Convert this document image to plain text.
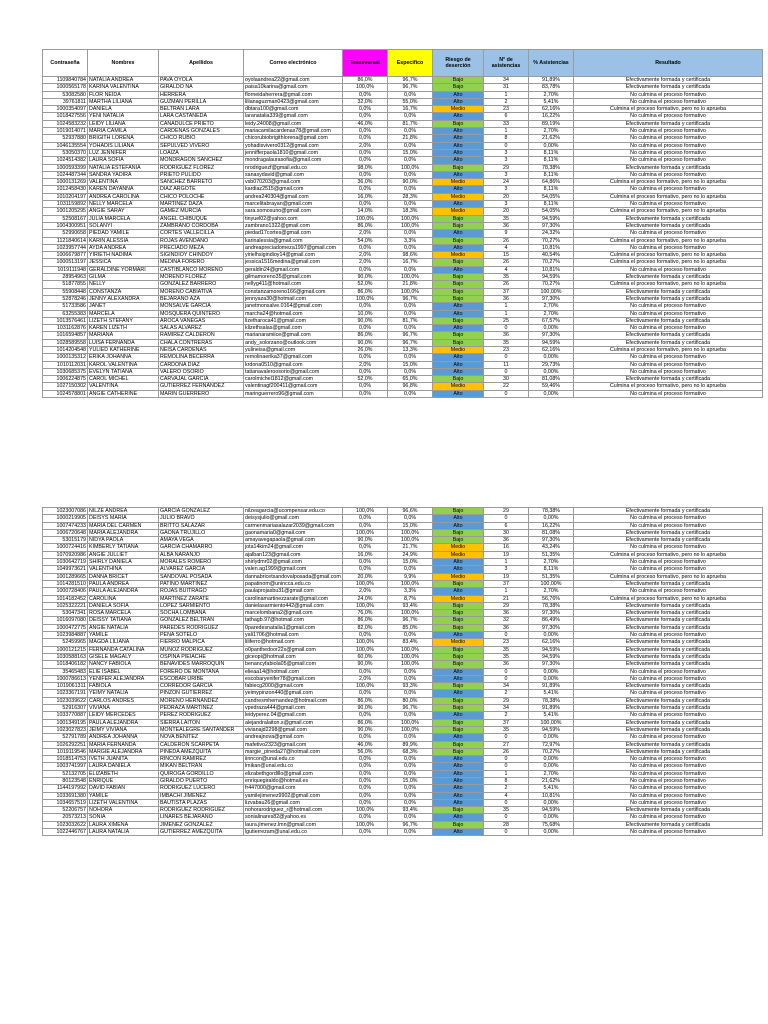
Contraseña	Nombres	Apellidos	Correo electrónico	Transversal	Especifico	Riesgo de deserción	N° de asistencias	% Asistencias	Resultado
1109840784	NATALIA ANDREA	PAVA OYOLA	oyolaandrea22@gmail.com	86,0%	96,7%	Bajo	34	91,89%	Efectivamente formada y certificada
1000565178	KARINA VALENTINA	GIRALDO NA	paisa10karina@gmail.com	100,0%	96,7%	Bajo	31	83,78%	Efectivamente formada y certificada
53082580	FLOR NEIDA	HERRERA	florneidaherrera@gmail.com	0,0%	0,0%	Alto	1	2,70%	No culmina el proceso formativo
39761811	MARTHA LILIANA	GUZMAN PERILLA	lilianaguzman0423@gmail.com	32,0%	55,0%	Alto	2	5,41%	No culmina el proceso formativo
1000354097	DANIELA	BELTRAN LARA	dbtara100@gmail.com	0,0%	16,7%	Medio	23	62,16%	Culmina el proceso formativo, pero no lo aprueba
1018427556	YENI NATALIA	LARA CASTAÑEDA	laranatalia339@gmail.com	0,0%	0,0%	Alto	6	16,22%	No culmina el proceso formativo
1024583232	LEIDY LILIANA	CAÑADULCE PRIETO	leidy.24008@gmail.com	46,0%	81,7%	Bajo	33	89,19%	Efectivamente formada y certificada
1019014071	MARIA CAMILA	CARDENAS GONZALES	mariacamilacardenas78@gmail.com	0,0%	0,0%	Alto	1	2,70%	No culmina el proceso formativo
52937880	BRIGITH LORENA	CHICO RUBIO	chicorubiobrigithlorena@gmail.com	0,0%	21,8%	Alto	8	21,62%	No culmina el proceso formativo
1046135554	YOHADIS LILIANA	SEPULVED VIVERO	yohadisvivero0312@gmail.com	2,0%	0,0%	Alto	0	0,00%	No culmina el proceso formativo
53050370	LUZ JENNIFER	LOAIZA	jennifferpaola1810@gmail.com	0,0%	15,0%	Alto	3	8,11%	No culmina el proceso formativo
1024514382	LAURA SOFIA	MONDRAGON SANCHEZ	mondragalaurasofia@gmail.com	0,0%	0,0%	Alto	3	8,11%	No culmina el proceso formativo
1000593399	NATALIA ESTEFANIA	RODRIGUEZ FLOREZ	nrodriguezf@gmail.edu.co	98,0%	100,0%	Bajo	29	78,38%	Efectivamente formada y certificada
1024487344	SANDRA YADIRA	PRIETO PULIDO	sanasydavid@gmail.com	0,0%	0,0%	Alto	3	8,11%	No culmina el proceso formativo
1000131269	VALENTINA	SANCHEZ BARRETO	vsb070203@gmail.com	36,0%	90,0%	Medio	24	64,86%	Culmina el proceso formativo, pero no lo aprueba
1012458430	KAREN DAYANNA	DIAZ ARGOTE	kardiaz2515@gmail.com	0,0%	0,0%	Alto	3	8,11%	No culmina el proceso formativo
1010204197	ANDREA CAROLINA	CHICO POLOCHE	andrea240304@gmail.com	16,0%	28,3%	Medio	20	54,05%	Culmina el proceso formativo, pero no lo aprueba
1031159892	NELLY MARCELA	MARTINEZ DAZA	marcelitabrayan@gmail.com	0,0%	0,0%	Alto	3	8,11%	No culmina el proceso formativo
1001205295	ANGIE SARAY	GAMEZ MURCIA	sara.somosuno@gmail.com	14,0%	18,3%	Medio	20	54,05%	Culmina el proceso formativo, pero no lo aprueba
52508167	JULIA MARCELA	ANGEL CHIBUQUE	tinyuel02@yahoo.com	100,0%	100,0%	Bajo	35	94,59%	Efectivamente formada y certificada
1004300951	SOLANYI	ZAMBRANO CORDOBA	zambrano1322@gmail.com	86,0%	100,0%	Bajo	36	97,30%	Efectivamente formada y certificada
52990658	PIEDAD YAMILE	CORTES VALLECILLA	piedad17cortes@gmail.com	2,0%	0,0%	Alto	9	24,32%	No culmina el proceso formativo
1121840614	KARIN ALESSIA	ROJAS AVENDAÑO	karinalessia@gmail.com	54,0%	3,3%	Bajo	26	70,27%	Culmina el proceso formativo, pero no lo aprueba
1023957744	AYDA ANDREA	PRECIADO MEZA	andreapreciadomeza1997@gmail.com	0,0%	0,0%	Alto	4	10,81%	No culmina el proceso formativo
1006679877	YIRIETH NADIMA	SIGINDIOY CHINDOY	yirielhsigindioy14@gmail.com	2,0%	98,6%	Medio	15	40,54%	Culmina el proceso formativo, pero no lo aprueba
1000513197	JESSICA	MEDINA FORERO	jessica1516medina@gmail.com	2,0%	16,7%	Bajo	26	70,27%	Culmina el proceso formativo, pero no lo aprueba
1019111948	GERALDINE YORMARI	CASTIBLANCO MORENO	geraldin24@gmail.com	0,0%	0,0%	Alto	4	10,81%	No culmina el proceso formativo
28954963	GILMA	MORENO FLOREZ	gilmamoreno35@gmail.com	90,0%	100,0%	Bajo	35	94,59%	Efectivamente formada y certificada
51877855	NELLY	GONZALEZ BARRERO	nellyg411@hotmail.com	52,0%	21,8%	Bajo	26	70,27%	Culmina el proceso formativo, pero no lo aprueba
55908448	CONSTANZA	MORENO CABIATIVA	constanzamoreno166@gmail.com	86,0%	100,0%	Bajo	37	100,00%	Efectivamente formada y certificada
52878246	JENNY ALEXANDRA	BEJARANO AZA	jennyaza30@hotmail.com	100,0%	96,7%	Bajo	36	97,30%	Efectivamente formada y certificada
51733586	JANET	MONSALVE GARCIA	janetmonsalve.0164@gmail.com	0,0%	0,0%	Alto	1	2,70%	No culmina el proceso formativo
63255383	MARCELA	MOSQUERA QUINTERO	marcha24@hotmail.com	10,0%	0,0%	Alto	1	2,70%	No culmina el proceso formativo
1013576461	LIZETH STEFANY	AROCA VANEGAS	lizetharoca41@gmail.com	90,0%	81,7%	Bajo	25	67,57%	Efectivamente formada y certificada
1031162876	KAREN LIZETH	SALAS ALVAREZ	klizethsalas@gmail.com	0,0%	0,0%	Alto	0	0,00%	No culmina el proceso formativo
1016594857	MARIANA	RAMIREZ CALDERON	marianaramiice@gmail.com	86,0%	96,7%	Bajo	36	97,30%	Efectivamente formada y certificada
1028589558	LUISA FERNANDA	CHALA CONTRERAS	andy_solorzano@outlook.com	90,0%	96,7%	Bajo	35	94,59%	Efectivamente formada y certificada
1014204548	YULIED KATHERINE	NEISA CARDENAS	yulineisa@gmail.com	26,0%	13,3%	Medio	23	62,16%	Culmina el proceso formativo, pero no lo aprueba
1000135312	ERIKA JOHANNA	REMOLINA BECERRA	remolinaerika37@gmail.com	0,0%	0,0%	Alto	0	0,00%	No culmina el proceso formativo
1010112031	KAROL VALENTINA	CARDONA DIAZ	krdona0510@gmail.com	2,0%	15,0%	Alto	11	29,73%	No culmina el proceso formativo
1030685375	EVELYN TATIANA	VALERO OSORIO	tatianavaleroosorio@gmail.com	0,0%	0,0%	Alto	0	0,00%	No culmina el proceso formativo
1006224875	CAROL MICHEL	CARVAJAL GARCIA	carolmichel1812@gmail.com	52,0%	65,0%	Bajo	30	81,08%	Efectivamente formada y certificada
1027150302	VALENTINA	GUTIERREZ FERNANDEZ	valentinagf200411@gmail.com	0,0%	96,8%	Medio	22	59,46%	Culmina el proceso formativo, pero no lo aprueba
1024578801	ANGIE CATHERINE	MARIN GUERRERO	maringuerrero96@gmail.com	0,0%	0,0%	Alto	0	0,00%	No culmina el proceso formativo
1023007086	NILZE ANDREA	GARCIA GONZALEZ	nilzeagarcia@ucompensar.edu.co	100,0%	96,6%	Bajo	29	78,38%	Efectivamente formada y certificada
1000219905	DEISYS MARIA	JULIO BRAVO	deisysjulio@gmail.com	0,0%	0,0%	Alto	0	0,00%	No culmina el proceso formativo
1007474233	MARIA DEL CARMEN	BRITTO SALAZAR	carmenmariasalazar2039@gmail.com	0,0%	15,0%	Alto	6	16,22%	No culmina el proceso formativo
1006720648	MARIA ALEJANDRA	GAONA TRUJILLO	gaonamaria0@gmail.com	100,0%	100,0%	Bajo	30	81,08%	Efectivamente formada y certificada
53015179	NIDYA PAOLA	AMAYA VEGA	amayavegapaola@gmail.com	90,0%	100,0%	Bajo	36	97,30%	Efectivamente formada y certificada
1000724416	KIMBERLY TATIANA	GARCIA CHAMARRO	jota14kim24@gmail.com	0,0%	21,7%	Medio	16	43,24%	No culmina el proceso formativo
1070920986	ANGIE JULLIET	ALBA NARANJO	ajalban123@gmail.com	16,0%	24,9%	Medio	19	51,35%	Culmina el proceso formativo, pero no lo aprueba
1030642719	SHIRLY DANIELA	MORALES ROMERO	shirlydmr02@gmail.com	0,0%	15,0%	Alto	1	2,70%	No culmina el proceso formativo
1049973621	VALENTHINA	ALVAREZ GARCIA	valen.ag1999@gmail.com	0,0%	0,0%	Alto	3	8,11%	No culmina el proceso formativo
1001289665	DANNA BRICET	SANDOVAL POSADA	dannabricetsandovalposada@gmail.com	20,0%	9,9%	Medio	19	51,35%	Culmina el proceso formativo, pero no lo aprueba
1014281510	PAULA ANDREA	PATIÑO MARTINEZ	papatinom@unincca.edu.co	100,0%	100,0%	Bajo	37	100,00%	Efectivamente formada y certificada
1000728406	PAULA ALEJANDRA	ROJAS BUITRAGO	paulaprojasbu31@gmail.com	2,0%	3,3%	Alto	1	2,70%	No culmina el proceso formativo
1014182452	CAROLINA	MARTINEZ ZARATE	carolinamartinezzarate@gmail.com	24,0%	8,7%	Medio	21	56,76%	Culmina el proceso formativo, pero no lo aprueba
1025322221	DANIELA SOFIA	LOPEZ SARMIENTO	danielasarmiento442@gmail.com	100,0%	93,4%	Bajo	29	78,38%	Efectivamente formada y certificada
53047341	ROSA MARCELA	SOCHA LOMBANA	marcelombana2@gmail.com	76,0%	100,0%	Bajo	36	97,30%	Efectivamente formada y certificada
1016097080	DEISSY TATIANA	GONZALEZ BELTRAN	tathagb.97@hotmail.com	86,0%	96,7%	Bajo	32	86,49%	Efectivamente formada y certificada
1000472775	ANGIE NATALIA	PAREDES RODRIGUEZ	0paredesnatalia1@gmail.com	82,0%	85,0%	Bajo	36	97,30%	Efectivamente formada y certificada
1023984887	YAMILE	PEÑA SOTELO	yali1706@hotmail.com	0,0%	0,0%	Alto	0	0,00%	No culmina el proceso formativo
52459965	MAGDA LILIANA	FIERRO MALPICA	liliferro@hotmail.com	100,0%	83,4%	Medio	23	62,16%	Efectivamente formada y certificada
1000121215	FERNANDA CATALINA	MUÑOZ RODRIGUEZ	o0panthedoor22x@gmail.com	100,0%	100,0%	Bajo	35	94,59%	Efectivamente formada y certificada
1030588163	GISELE MAGALY	OSPINA PIEIACHE	giceopi@hotmail.com	60,0%	100,0%	Bajo	35	94,59%	Efectivamente formada y certificada
1018406182	NANCY FABIOLA	BENAVIDES MARROQUIN	benancyfabiola05@gmail.com	90,0%	100,0%	Bajo	36	97,30%	Efectivamente formada y certificada
35465483	ELIE ISABEL	FORERO DE MONTAÑA	elieaa14@hotmail.com	0,0%	0,0%	Alto	0	0,00%	No culmina el proceso formativo
1000786613	YENIFER ALEJANDRA	ESCOBAR URIBE	escobaryenifer78@gmail.com	2,0%	0,0%	Alto	0	0,00%	No culmina el proceso formativo
1019061311	FABIOLA	CORREDOR GARCIA	fabiecg2000@gmail.com	100,0%	93,3%	Bajo	34	91,89%	Efectivamente formada y certificada
1023367191	YEIMY NATALIA	PINZON GUTIERREZ	yeimypinzon440@gmail.com	0,0%	0,0%	Alto	2	5,41%	No culmina el proceso formativo
1023039622	CARLOS ANDRES	MORENO HERNANDEZ	candresmhernandez@hotmail.com	86,0%	80,0%	Bajo	29	78,38%	Efectivamente formada y certificada
52916307	VIVIANA	PEDRAZA MARTINEZ	vpedraza444@gmail.com	90,0%	96,7%	Bajo	34	91,89%	Efectivamente formada y certificada
1033770887	LEIDY MERCEDES	PEREZ RODRIGUEZ	leidyperez.04@gmail.com	0,0%	0,0%	Alto	2	5,41%	No culmina el proceso formativo
1001349195	PAULA ALEJANDRA	SIERRA LAITON	alejandralaiton.s@gmail.com	86,0%	100,0%	Bajo	37	100,00%	Efectivamente formada y certificada
1023027823	JEIMY VIVIANA	MONTEALEGRE SANTANDER	vivianajd2298@gmail.com	90,0%	100,0%	Bajo	35	94,59%	Efectivamente formada y certificada
52791789	ANDREA JOHANNA	NOVA BENITEZ	andreajnova@gmail.com	0,0%	0,0%	Alto	0	0,00%	No culmina el proceso formativo
1026292251	MARIA FERNANDA	CALDERON SCARPETA	mafetivo2323@gmail.com	46,0%	89,9%	Bajo	27	72,97%	Efectivamente formada y certificada
1019119546	MARGIE ALEJANDRA	PINEDA AMEZQUITA	margie_pineda27@hotmail.com	56,0%	68,3%	Bajo	26	70,27%	Efectivamente formada y certificada
1018514753	IVETH JUANITA	RINCON RAMIREZ	iinncon@unal.edu.co	0,0%	0,0%	Alto	0	0,00%	No culmina el proceso formativo
1003741997	LAURA DANIELA	MIKAN BELTRAN	lmikan@unal.edu.co	0,0%	0,0%	Alto	0	0,00%	No culmina el proceso formativo
52132705	ELIZABETH	QUIROGA GORDILLO	elizabethgordillo@gmail.com	0,0%	0,0%	Alto	1	2,70%	No culmina el proceso formativo
80123548	ENRIQUE	GIRALDO PUERTO	enriquegiraldo@hotmail.es	0,0%	15,0%	Alto	8	21,62%	No culmina el proceso formativo
1144197992	DAVID FABIAN	RODRIGUEZ LUCERO	fr447000@gmail.com	0,0%	0,0%	Alto	2	5,41%	No culmina el proceso formativo
1033691380	YAMILE	IMBACHI JIMENEZ	yamilejimenez9902@gmail.com	0,0%	0,0%	Alto	4	10,81%	No culmina el proceso formativo
1034657519	LIZETH VALENTINA	BAUTISTA PLAZAS	lizvabau26@gmail.com	0,0%	0,0%	Alto	0	0,00%	No culmina el proceso formativo
52206757	NOHORA	RODRIGUEZ RODRIGUEZ	nohorarodriguez_r@hotmail.com	100,0%	93,4%	Bajo	35	94,59%	Efectivamente formada y certificada
20573213	SONIA	LINARES BEJARANO	sonialinares82@yahoo.es	0,0%	0,0%	Alto	0	0,00%	No culmina el proceso formativo
1023032622	LAURA XIMENA	JIMENEZ GONZALEZ	laura.jimenez.lmn@gmail.com	100,0%	96,7%	Bajo	28	75,68%	Efectivamente formada y certificada
1022446767	LAURA NATALIA	GUTIERREZ AMEZQUITA	lgutierrezam@unal.edu.co	0,0%	0,0%	Alto	0	0,00%	No culmina el proceso formativo
